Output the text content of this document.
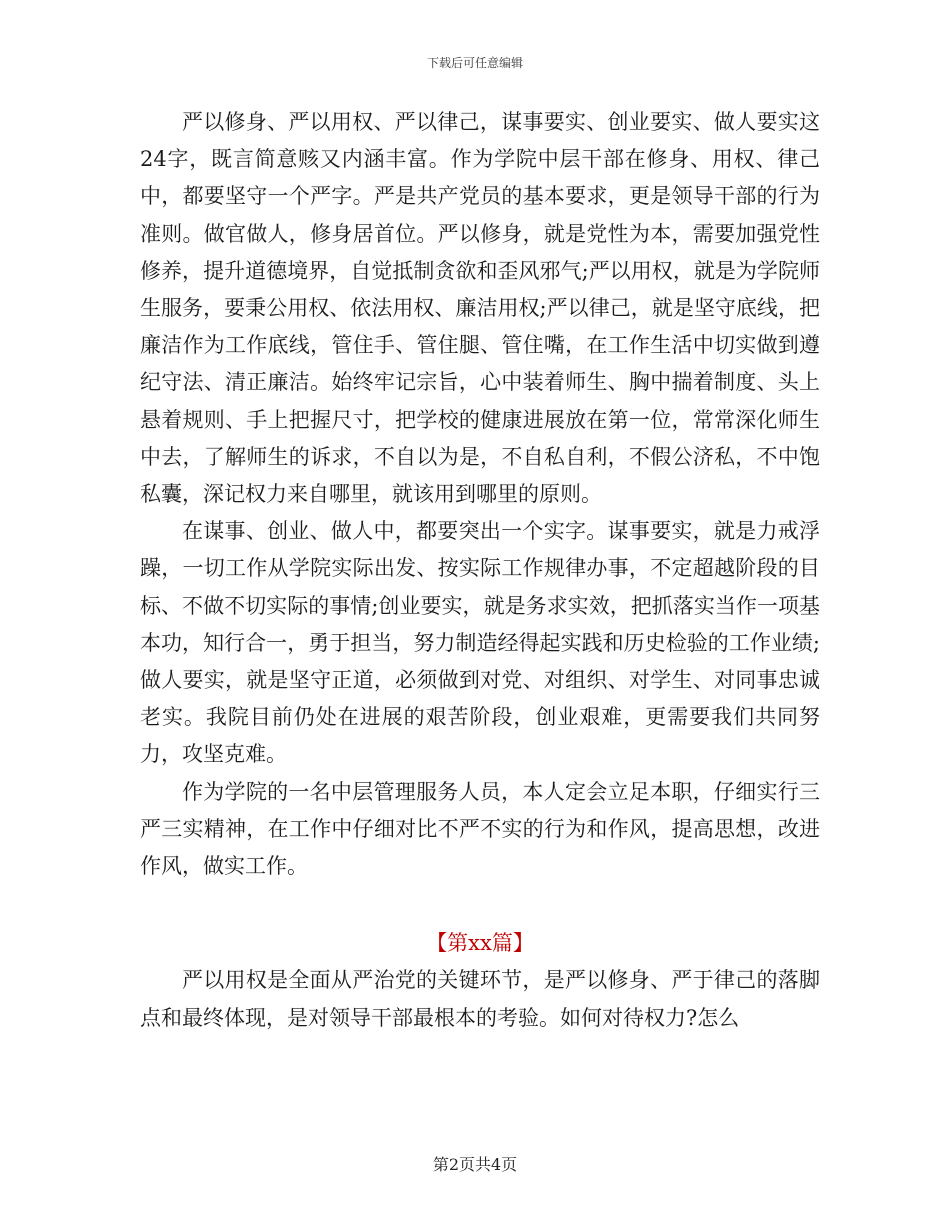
下载后可任意编辑

严以修身、严以用权、严以律己，谋事要实、创业要实、做人要实这24字，既言简意赅又内涵丰富。作为学院中层干部在修身、用权、律己中，都要坚守一个严字。严是共产党员的基本要求，更是领导干部的行为准则。做官做人，修身居首位。严以修身，就是党性为本，需要加强党性修养，提升道德境界，自觉抵制贪欲和歪风邪气;严以用权，就是为学院师生服务，要秉公用权、依法用权、廉洁用权;严以律己，就是坚守底线，把廉洁作为工作底线，管住手、管住腿、管住嘴，在工作生活中切实做到遵纪守法、清正廉洁。始终牢记宗旨，心中装着师生、胸中揣着制度、头上悬着规则、手上把握尺寸，把学校的健康进展放在第一位，常常深化师生中去，了解师生的诉求，不自以为是，不自私自利，不假公济私，不中饱私囊，深记权力来自哪里，就该用到哪里的原则。

在谋事、创业、做人中，都要突出一个实字。谋事要实，就是力戒浮躁，一切工作从学院实际出发、按实际工作规律办事，不定超越阶段的目标、不做不切实际的事情;创业要实，就是务求实效，把抓落实当作一项基本功，知行合一，勇于担当，努力制造经得起实践和历史检验的工作业绩;做人要实，就是坚守正道，必须做到对党、对组织、对学生、对同事忠诚老实。我院目前仍处在进展的艰苦阶段，创业艰难，更需要我们共同努力，攻坚克难。

作为学院的一名中层管理服务人员，本人定会立足本职，仔细实行三严三实精神，在工作中仔细对比不严不实的行为和作风，提高思想，改进作风，做实工作。

【第xx篇】

严以用权是全面从严治党的关键环节，是严以修身、严于律己的落脚点和最终体现，是对领导干部最根本的考验。如何对待权力?怎么

第2页共4页
